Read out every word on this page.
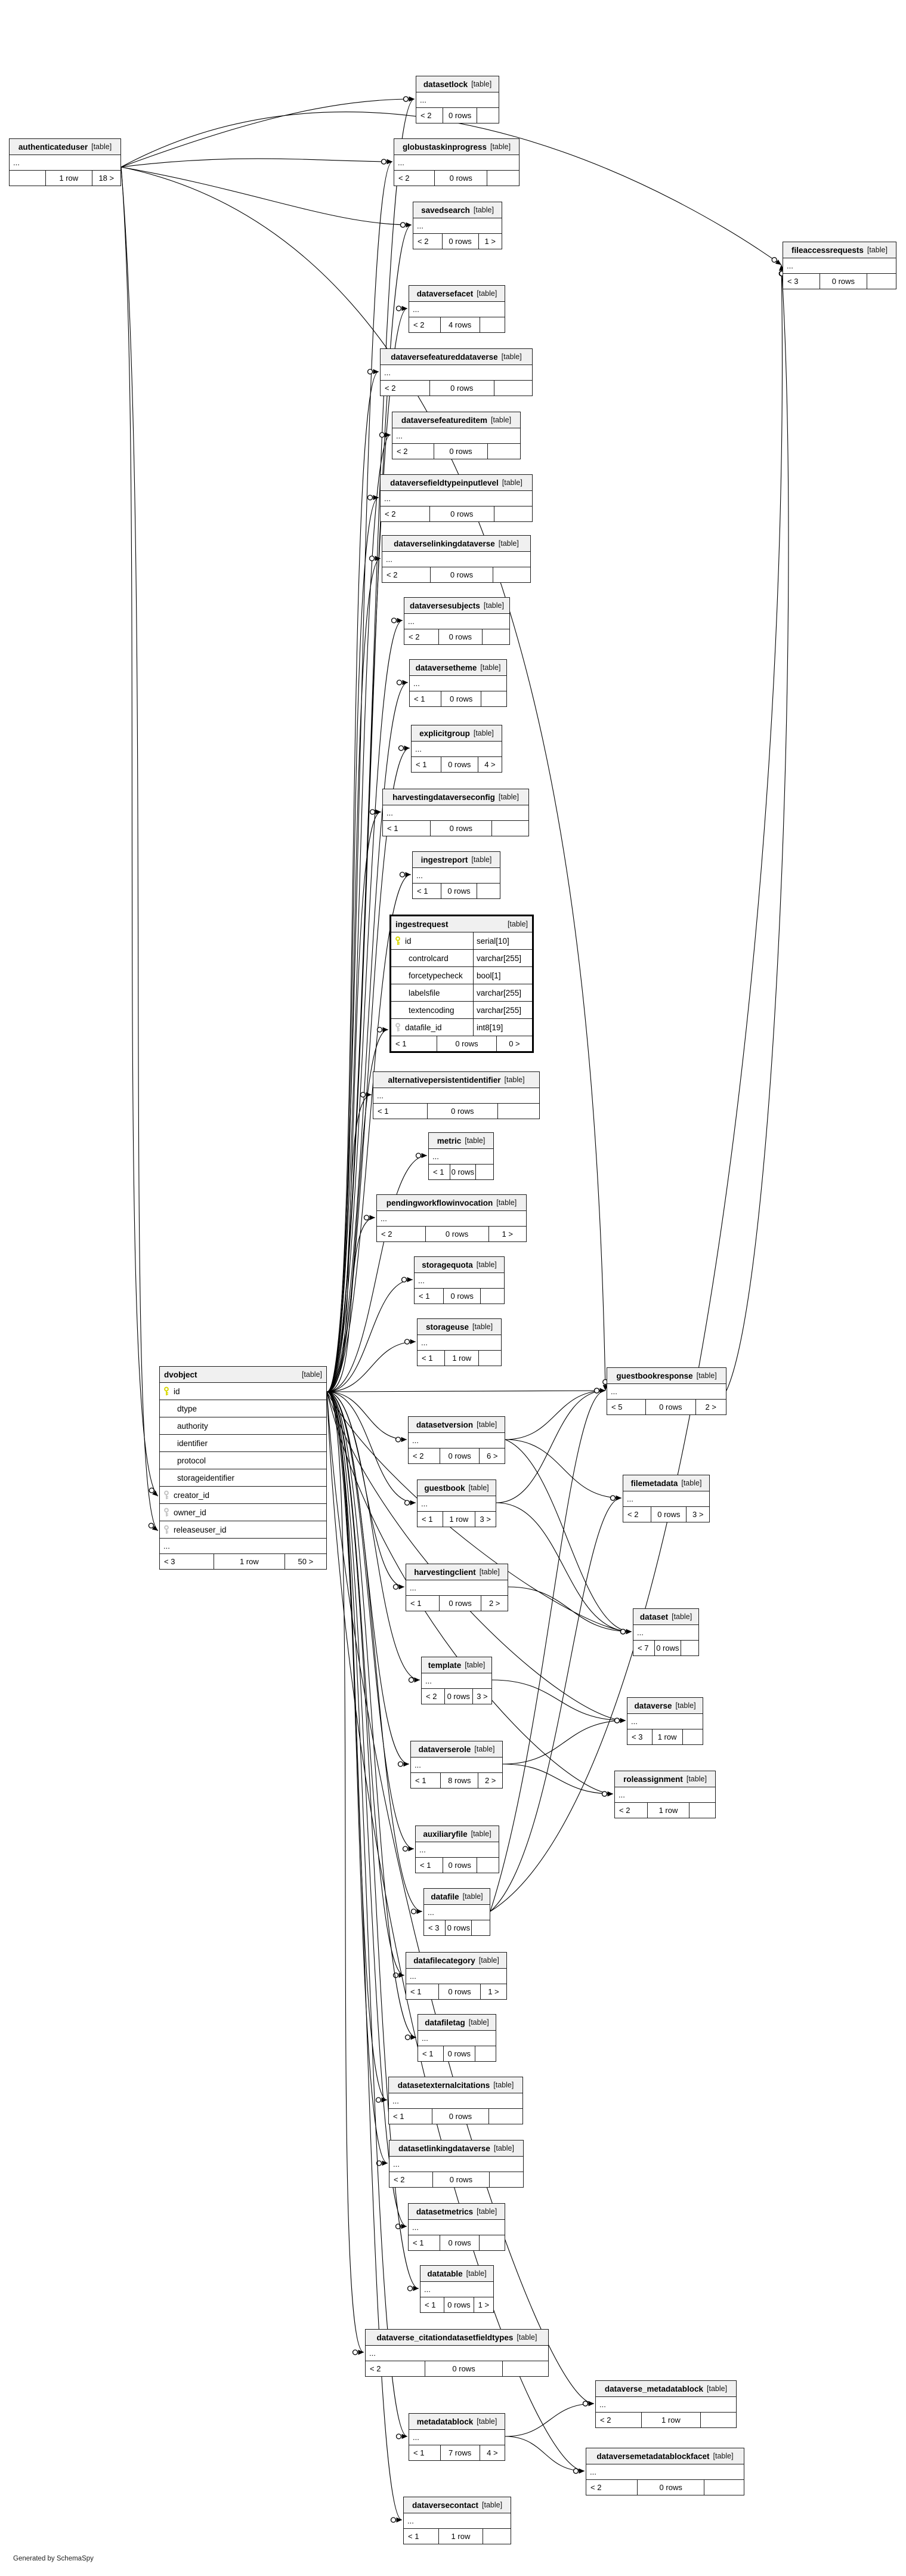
authenticateduser [table]
...
1 row	18 >
dvobject	[table]
id
dtype
authority
identifier
protocol
storageidentifier
creator_id
owner_id
releaseuser_id
...
< 3	1 row	50 >
ingestrequest	[table]
id	serial[10]
controlcard	varchar[255]
forcetypecheck	bool[1]
labelsfile	varchar[255]
textencoding	varchar[255]
datafile_id	int8[19]
< 1	0 rows	0 >
datasetlock [table]
...
< 2	0 rows
globustaskinprogress [table]
...
< 2	0 rows
savedsearch [table]
...
< 2	0 rows	1 >
dataversefacet [table]
...
< 2	4 rows
dataversefeatureddataverse [table]
...
< 2	0 rows
dataversefeatureditem [table]
...
< 2	0 rows
dataversefieldtypeinputlevel [table]
...
< 2	0 rows
dataverselinkingdataverse [table]
...
< 2	0 rows
dataversesubjects [table]
...
< 2	0 rows
dataversetheme [table]
...
< 1	0 rows
explicitgroup [table]
...
< 1	0 rows	4 >
harvestingdataverseconfig [table]
...
< 1	0 rows
ingestreport [table]
...
< 1	0 rows
alternativepersistentidentifier [table]
...
< 1	0 rows
metric [table]
...
< 1 0 rows
pendingworkflowinvocation [table]
...
< 2	0 rows	1 >
storagequota [table]
...
< 1	0 rows
storageuse [table]
...
< 1	1 row
datasetversion [table]
...
< 2	0 rows	6 >
guestbook [table]
...
< 1	1 row	3 >
harvestingclient [table]
...
< 1	0 rows	2 >
template [table]
...
< 2	0 rows 3 >
dataverserole [table]
...
< 1	8 rows	2 >
auxiliaryfile [table]
...
< 1	0 rows
datafile [table]
...
< 3	0 rows
datafilecategory [table]
...
< 1	0 rows	1 >
datafiletag [table]
...
< 1	0 rows
datasetexternalcitations [table]
...
< 1	0 rows
datasetlinkingdataverse [table]
...
< 2	0 rows
datasetmetrics [table]
...
< 1	0 rows
datatable [table]
...
< 1	0 rows	1 >
dataverse_citationdatasetfieldtypes [table]
...
< 2	0 rows
metadatablock [table]
...
< 1	7 rows	4 >
dataversecontact [table]
...
< 1	1 row
fileaccessrequests [table]
...
< 3	0 rows
guestbookresponse [table]
...
< 5	0 rows	2 >
filemetadata [table]
...
< 2	0 rows	3 >
dataset [table]
...
< 7 0 rows
dataverse [table]
...
< 3	1 row
roleassignment [table]
...
< 2	1 row
dataverse_metadatablock [table]
...
< 2	1 row
dataversemetadatablockfacet [table]
...
< 2	0 rows
Generated by SchemaSpy
